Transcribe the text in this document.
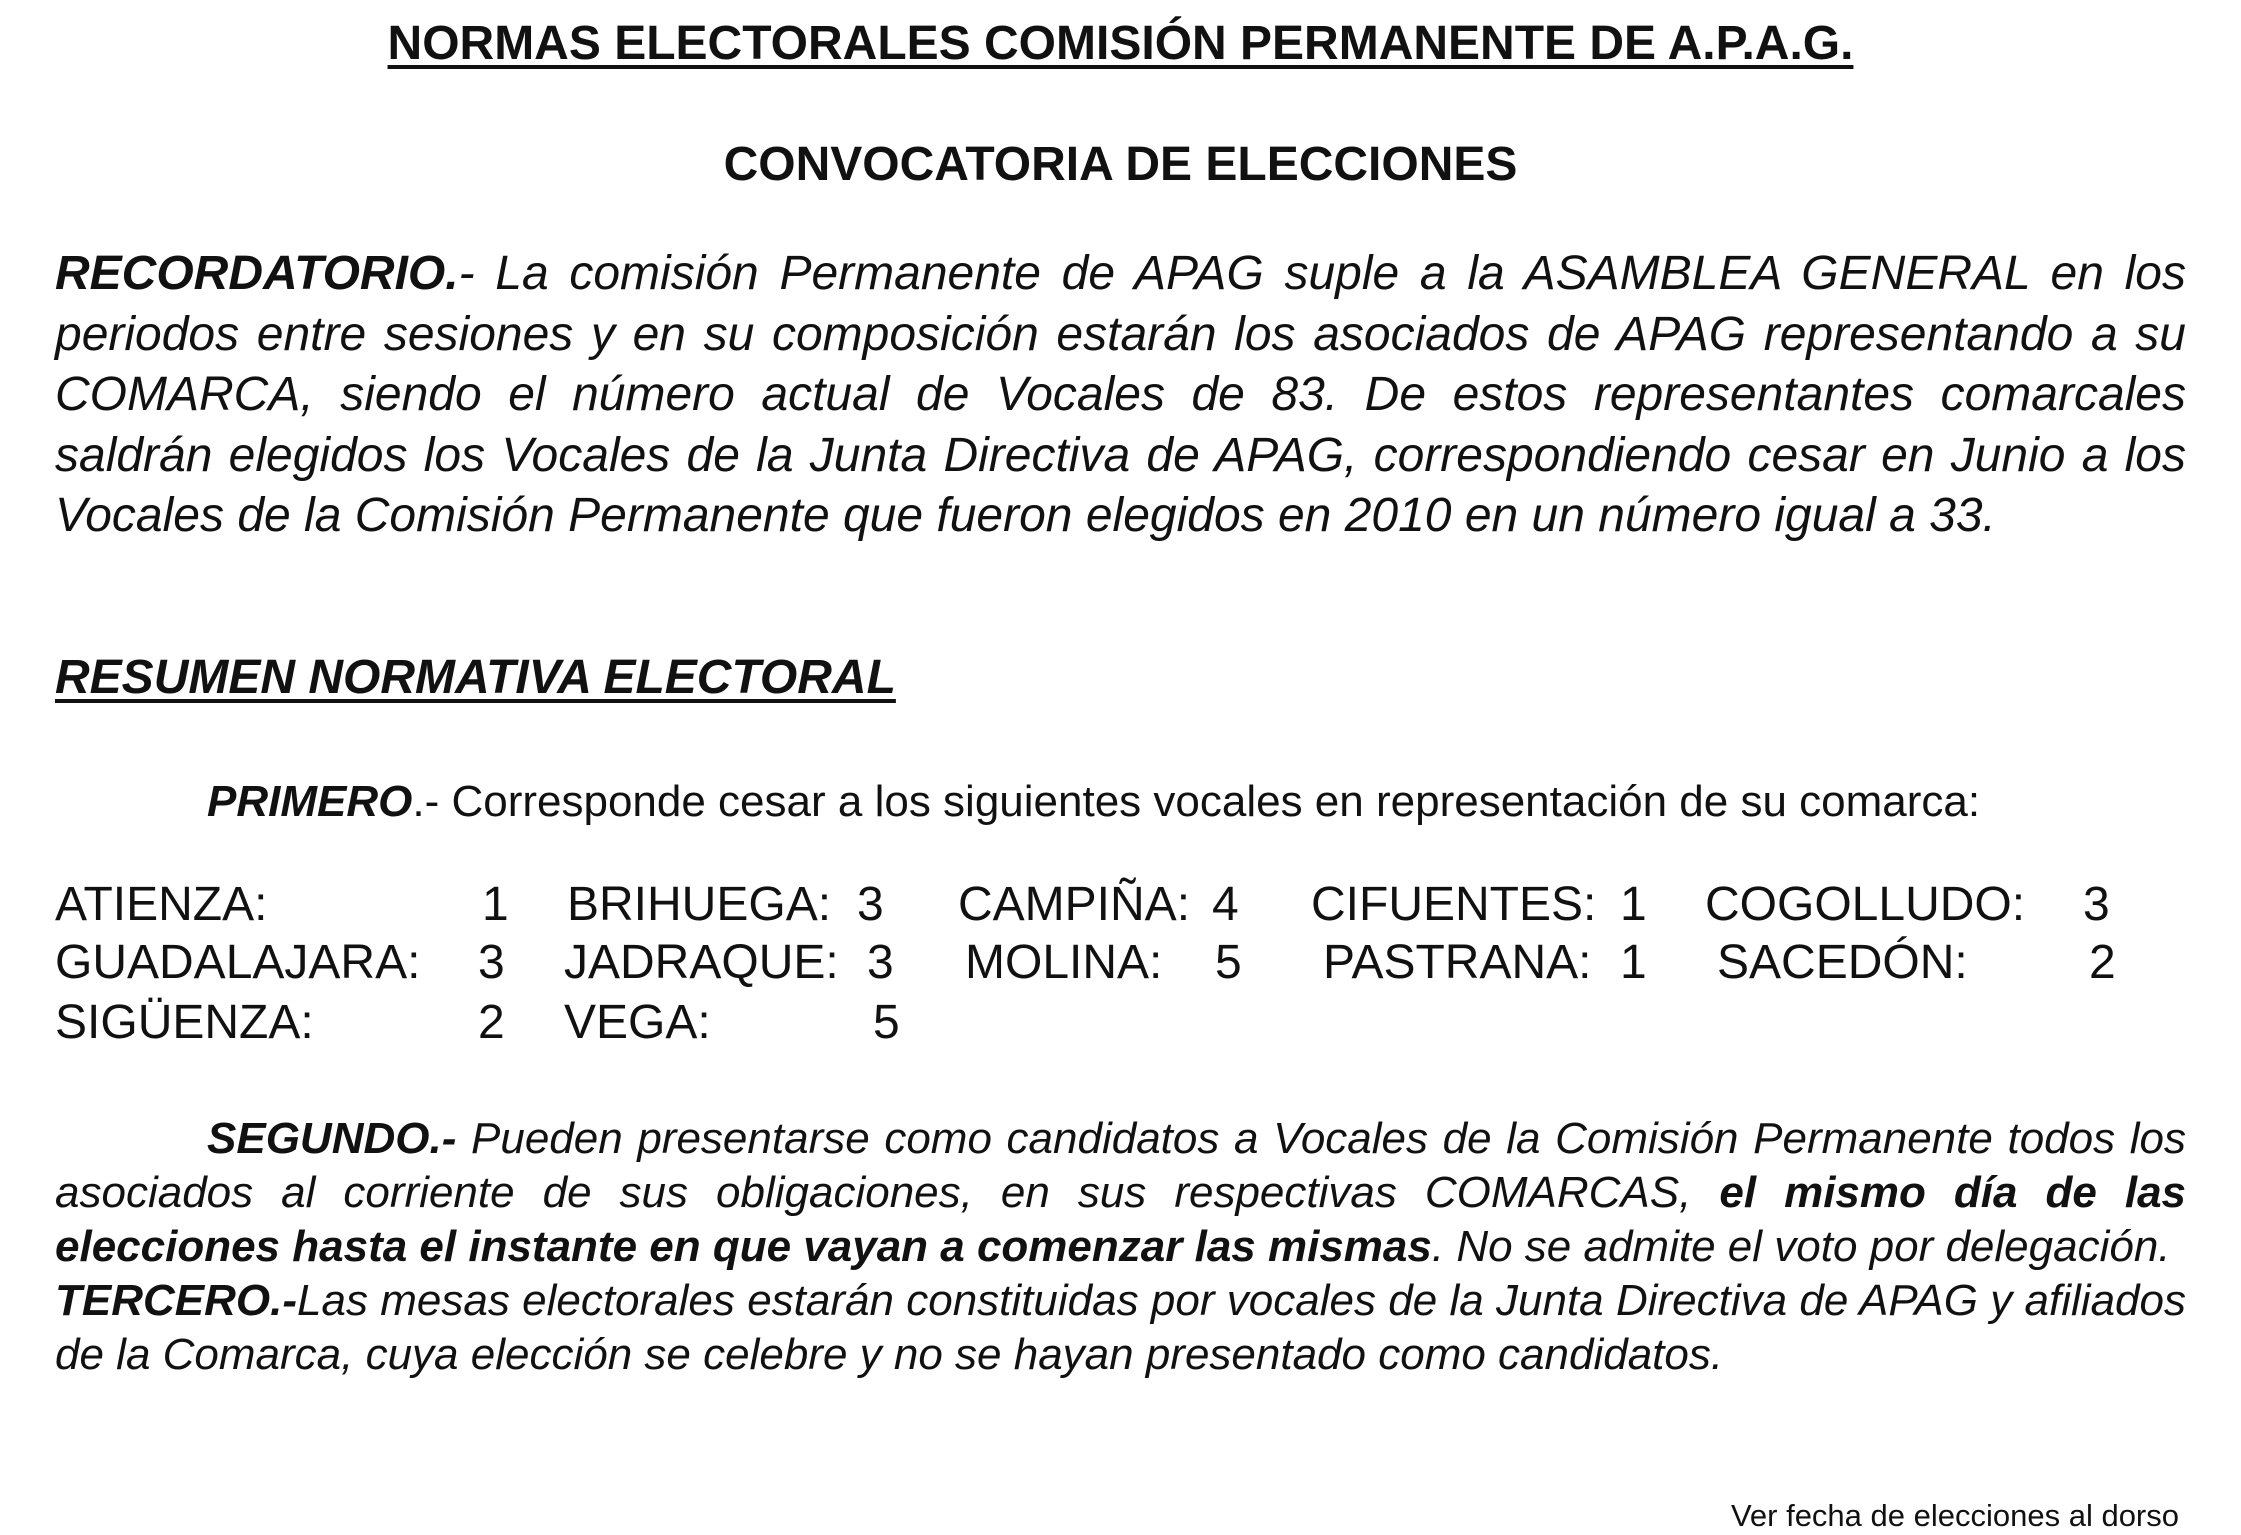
NORMAS ELECTORALES COMISIÓN PERMANENTE DE A.P.A.G.
CONVOCATORIA DE ELECCIONES

RECORDATORIO.- La comisión Permanente de APAG suple a la ASAMBLEA GENERAL en los periodos entre sesiones y en su composición estarán los asociados de APAG representando a su COMARCA, siendo el número actual de Vocales de 83. De estos representantes comarcales saldrán elegidos los Vocales de la Junta Directiva de APAG, correspondiendo cesar en Junio a los Vocales de la Comisión Permanente que fueron elegidos en 2010 en un número igual a 33.

RESUMEN NORMATIVA ELECTORAL

PRIMERO.- Corresponde cesar a los siguientes vocales en representación de su comarca:

ATIENZA:	1 BRIHUEGA: 3 CAMPIÑA: 4 CIFUENTES: 1 COGOLLUDO: 3
GUADALAJARA: 3 JADRAQUE: 3 MOLINA: 5 PASTRANA: 1 SACEDÓN:	2
SIGÜENZA:	2 VEGA:	5

SEGUNDO.- Pueden presentarse como candidatos a Vocales de la Comisión Permanente todos los asociados al corriente de sus obligaciones, en sus respectivas COMARCAS, el mismo día de las elecciones hasta el instante en que vayan a comenzar las mismas. No se admite el voto por delegación.

TERCERO.-Las mesas electorales estarán constituidas por vocales de la Junta Directiva de APAG y afiliados de la Comarca, cuya elección se celebre y no se hayan presentado como candidatos.

Ver fecha de elecciones al dorso
